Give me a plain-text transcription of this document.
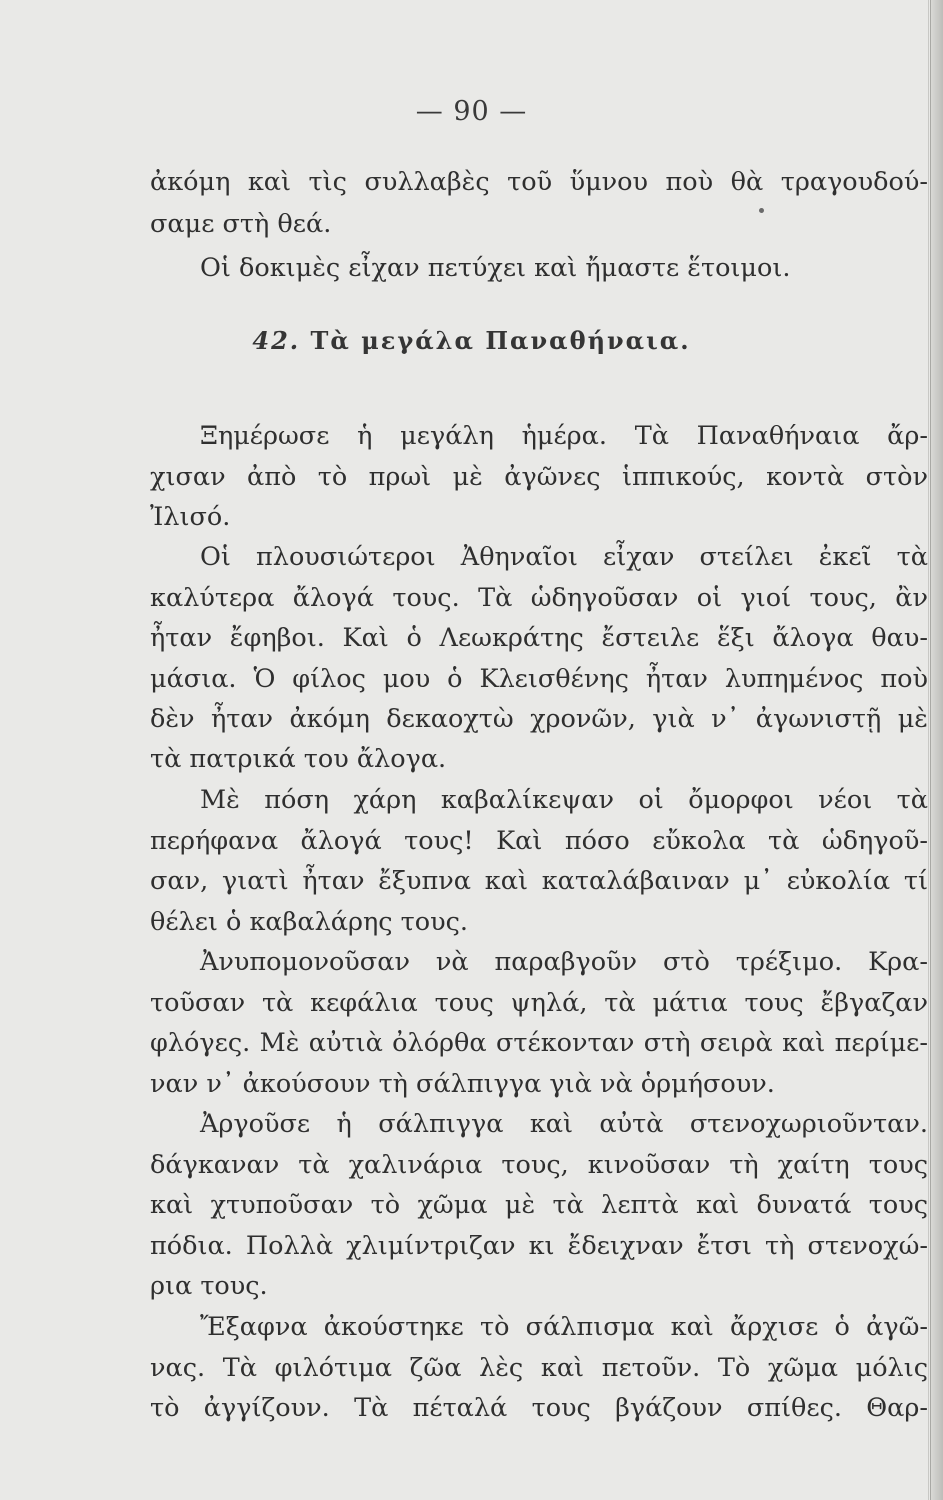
— 90 —
ἀκόμη καὶ τὶς συλλαβὲς τοῦ ὕμνου ποὺ θὰ τραγουδού-
σαμε στὴ θεά.
Οἱ δοκιμὲς εἶχαν πετύχει καὶ ἤμαστε ἕτοιμοι.
42. Τὰ μεγάλα Παναθήναια.
Ξημέρωσε ἡ μεγάλη ἡμέρα. Τὰ Παναθήναια ἄρ-
χισαν ἀπὸ τὸ πρωὶ μὲ ἀγῶνες ἱππικούς, κοντὰ στὸν
Ἰλισό.
Οἱ πλουσιώτεροι Ἀθηναῖοι εἶχαν στείλει ἐκεῖ τὰ
καλύτερα ἄλογά τους. Τὰ ὡδηγοῦσαν οἱ γιοί τους, ἂν
ἦταν ἔφηβοι. Καὶ ὁ Λεωκράτης ἔστειλε ἕξι ἄλογα θαυ-
μάσια. Ὁ φίλος μου ὁ Κλεισθένης ἦταν λυπημένος ποὺ
δὲν ἦταν ἀκόμη δεκαοχτὼ χρονῶν, γιὰ ν᾿ ἀγωνιστῇ μὲ
τὰ πατρικά του ἄλογα.
Μὲ πόση χάρη καβαλίκεψαν οἱ ὄμορφοι νέοι τὰ
περήφανα ἄλογά τους! Καὶ πόσο εὔκολα τὰ ὡδηγοῦ-
σαν, γιατὶ ἦταν ἔξυπνα καὶ καταλάβαιναν μ᾿ εὐκολία τί
θέλει ὁ καβαλάρης τους.
Ἀνυπομονοῦσαν νὰ παραβγοῦν στὸ τρέξιμο. Κρα-
τοῦσαν τὰ κεφάλια τους ψηλά, τὰ μάτια τους ἔβγαζαν
φλόγες. Μὲ αὐτιὰ ὀλόρθα στέκονταν στὴ σειρὰ καὶ περίμε-
ναν ν᾿ ἀκούσουν τὴ σάλπιγγα γιὰ νὰ ὁρμήσουν.
Ἀργοῦσε ἡ σάλπιγγα καὶ αὐτὰ στενοχωριοῦνταν.
δάγκαναν τὰ χαλινάρια τους, κινοῦσαν τὴ χαίτη τους
καὶ χτυποῦσαν τὸ χῶμα μὲ τὰ λεπτὰ καὶ δυνατά τους
πόδια. Πολλὰ χλιμίντριζαν κι ἔδειχναν ἔτσι τὴ στενοχώ-
ρια τους.
Ἔξαφνα ἀκούστηκε τὸ σάλπισμα καὶ ἄρχισε ὁ ἀγῶ-
νας. Τὰ φιλότιμα ζῶα λὲς καὶ πετοῦν. Τὸ χῶμα μόλις
τὸ ἀγγίζουν. Τὰ πέταλά τους βγάζουν σπίθες. Θαρ-
